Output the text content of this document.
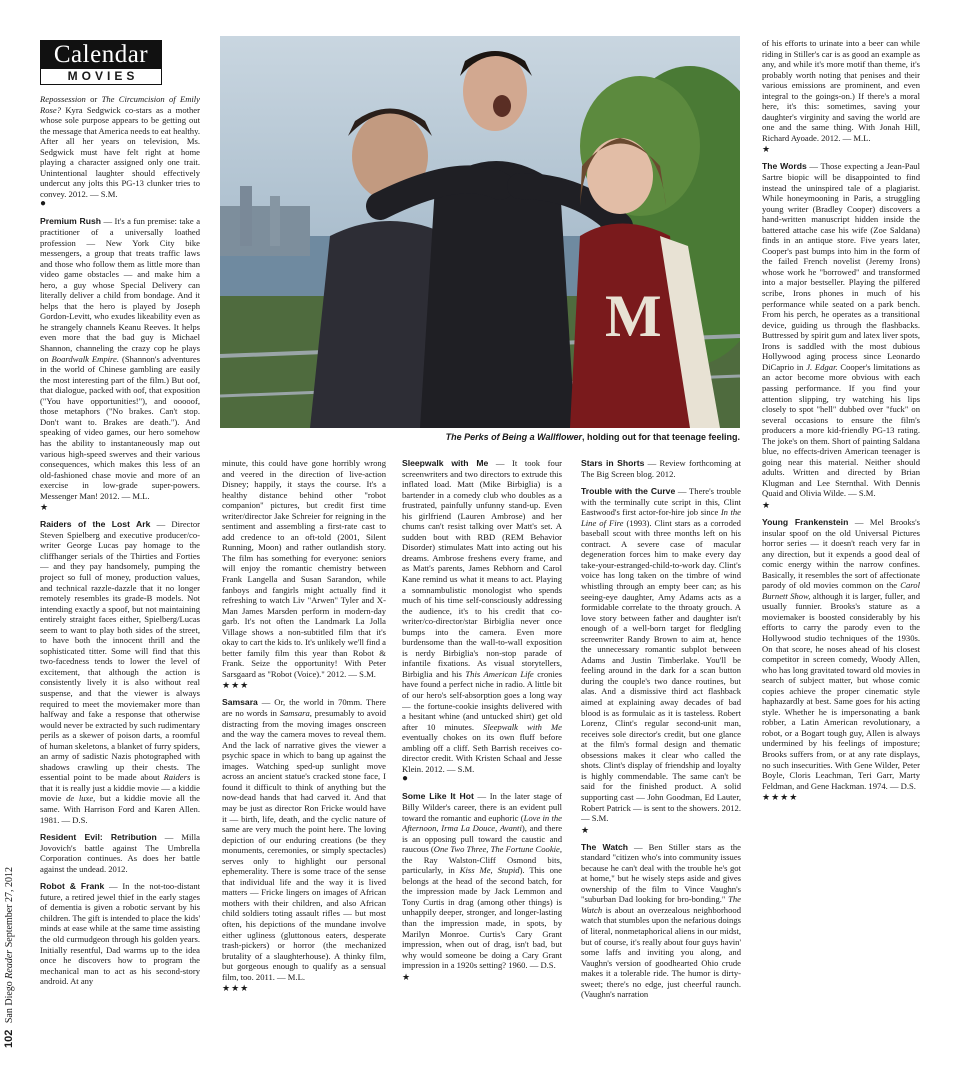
Calendar
MOVIES

Repossession or The Circumcision of Emily Rose? Kyra Sedgwick co-stars as a mother whose sole purpose appears to be getting out the message that America needs to eat healthy. After all her years on television, Ms. Sedgwick must have felt right at home playing a character assigned only one trait. Unintentional laughter should effectively undercut any jolts this PG-13 clunker tries to convey. 2012. — S.M.

●

Premium Rush — It's a fun premise: take a practitioner of a universally loathed profession — New York City bike messengers, a group that treats traffic laws and those who follow them as little more than video game obstacles — and make him a hero, a guy whose Special Delivery can literally deliver a child from bondage. And it helps that the hero is played by Joseph Gordon-Levitt, who exudes likeability even as he strangely channels Keanu Reeves. It helps even more that the bad guy is Michael Shannon, channeling the crazy cop he plays on Boardwalk Empire. (Shannon's adventures in the world of Chinese gambling are easily the most interesting part of the film.) But oof, that dialogue, packed with oof, that exposition ("You have opportunities!"), and ooooof, those metaphors ("No brakes. Can't stop. Don't want to. Brakes are death."). And speaking of video games, our hero somehow has the ability to instantaneously map out various high-speed swerves and their various consequences, which makes this less of an old-fashioned chase movie and more of an exercise in low-grade super-powers. Messenger Man! 2012. — M.L.

★

Raiders of the Lost Ark — Director Steven Spielberg and executive producer/co-writer George Lucas pay homage to the cliffhanger serials of the Thirties and Forties — and they pay handsomely, pumping the project so full of money, production values, and technical razzle-dazzle that it no longer remotely resembles its grade-B models. Not intending exactly a spoof, but not maintaining entirely straight faces either, Spielberg/Lucas seem to want to play both sides of the street, to have both the innocent thrill and the sophisticated titter. Some will find that this two-facedness tends to lower the level of excitement, that although the action is consistently lively it is also without real suspense, and that the viewer is always required to meet the moviemaker more than halfway and fake a response that otherwise would never be extracted by such rudimentary perils as a skewer of poison darts, a roomful of human skeletons, a blanket of furry spiders, an army of sadistic Nazis photographed with shadows crawling up their chests. The essential point to be made about Raiders is that it is really just a kiddie movie — a kiddie movie de luxe, but a kiddie movie all the same. With Harrison Ford and Karen Allen. 1981. — D.S.

Resident Evil: Retribution — Milla Jovovich's battle against The Umbrella Corporation continues. As does her battle against the undead. 2012.

Robot & Frank — In the not-too-distant future, a retired jewel thief in the early stages of dementia is given a robotic servant by his children. The gift is intended to place the kids' minds at ease while at the same time assisting the old curmudgeon through his golden years. Initially resentful, Dad warms up to the idea once he discovers how to program the mechanical man to act as his second-story android. At any

102 San Diego Reader September 27, 2012
M
The Perks of Being a Wallflower, holding out for that teenage feeling.

minute, this could have gone horribly wrong and veered in the direction of live-action Disney; happily, it stays the course. It's a healthy distance behind other "robot companion" pictures, but credit first time writer/director Jake Schreier for reigning in the sentiment and assembling a first-rate cast to add credence to an oft-told (2001, Silent Running, Moon) and rather outlandish story. The film has something for everyone: seniors will enjoy the romantic chemistry between Frank Langella and Susan Sarandon, while fanboys and fangirls might actually find it refreshing to watch Liv "Arwen" Tyler and X-Man James Marsden perform in modern-day garb. It's not often the Landmark La Jolla Village shows a non-subtitled film that it's okay to cart the kids to. It's unlikely we'll find a better family film this year than Robot & Frank. Seize the opportunity! With Peter Sarsgaard as "Robot (Voice)." 2012. — S.M.

★★★

Samsara — Or, the world in 70mm. There are no words in Samsara, presumably to avoid distracting from the moving images onscreen and the way the camera moves to reveal them. And the lack of narrative gives the viewer a psychic space in which to bang up against the images. Watching sped-up sunlight move across an ancient statue's cracked stone face, I found it difficult to think of anything but the now-dead hands that had carved it. And that may be just as director Ron Fricke would have it — birth, life, death, and the cyclic nature of same are very much the point here. The loving depiction of our enduring creations (be they monuments, ceremonies, or simply spectacles) serves only to highlight our personal ephemerality. There is some trace of the sense that individual life and the way it is lived matters — Fricke lingers on images of African mothers with their children, and also African child soldiers toting assault rifles — but most often, his depictions of the mundane involve either ugliness (gluttonous eaters, desperate trash-pickers) or horror (the mechanized brutality of a slaughterhouse). A thinky film, but gorgeous enough to qualify as a sensual film, too. 2011. — M.L.

★★★

Sleepwalk with Me — It took four screenwriters and two directors to extrude this inflated load. Matt (Mike Birbiglia) is a bartender in a comedy club who doubles as a frustrated, painfully unfunny stand-up. Even his girlfriend (Lauren Ambrose) and her chums can't resist talking over Matt's set. A sudden bout with RBD (REM Behavior Disorder) stimulates Matt into acting out his dreams. Ambrose freshens every frame, and as Matt's parents, James Rebhorn and Carol Kane remind us what it means to act. Playing a somnambulistic monologist who spends much of his time self-consciously addressing the audience, it's to his credit that co-writer/co-director/star Birbiglia never once bumps into the camera. Even more burdensome than the wall-to-wall exposition is nerdy Birbiglia's non-stop parade of infantile fixations. As visual storytellers, Birbiglia and his This American Life cronies have found a perfect niche in radio. A little bit of our hero's self-absorption goes a long way — the fortune-cookie insights delivered with a hesitant whine (and untucked shirt) get old after 10 minutes. Sleepwalk with Me eventually chokes on its own fluff before ambling off a cliff. Seth Barrish receives co-director credit. With Kristen Schaal and Jesse Klein. 2012. — S.M.

●

Some Like It Hot — In the later stage of Billy Wilder's career, there is an evident pull toward the romantic and euphoric (Love in the Afternoon, Irma La Douce, Avanti), and there is an opposing pull toward the caustic and raucous (One Two Three, The Fortune Cookie, the Ray Walston-Cliff Osmond bits, particularly, in Kiss Me, Stupid). This one belongs at the head of the second batch, for the impression made by Jack Lemmon and Tony Curtis in drag (among other things) is unhappily deeper, stronger, and longer-lasting than the impression made, in spots, by Marilyn Monroe. Curtis's Cary Grant impression, when out of drag, isn't bad, but why would someone be doing a Cary Grant impression in a 1920s setting? 1960. — D.S.

★

Stars in Shorts — Review forthcoming at The Big Screen blog. 2012.

Trouble with the Curve — There's trouble with the terminally cute script in this, Clint Eastwood's first actor-for-hire job since In the Line of Fire (1993). Clint stars as a corroded baseball scout with three months left on his contract. A severe case of macular degeneration forces him to make every day take-your-estranged-child-to-work day. Clint's voice has long taken on the timbre of wind whistling through an empty beer can; as his seeing-eye daughter, Amy Adams acts as a formidable correlate to the throaty grouch. A love story between father and daughter isn't enough of a well-born target for fledgling screenwriter Randy Brown to aim at, hence the unnecessary romantic subplot between Adams and Justin Timberlake. You'll be feeling around in the dark for a scan button during the couple's two dance routines, but alas. And a dismissive third act flashback aimed at explaining away decades of bad blood is as formulaic as it is tasteless. Robert Lorenz, Clint's regular second-unit man, receives sole director's credit, but one glance at the film's formal design and thematic obsessions makes it clear who called the shots. Clint's display of friendship and loyalty is highly commendable. The same can't be said for the finished product. A solid supporting cast — John Goodman, Ed Lauter, Robert Patrick — is sent to the showers. 2012. — S.M.

★

The Watch — Ben Stiller stars as the standard "citizen who's into community issues because he can't deal with the trouble he's got at home," but he wisely steps aside and gives ownership of the film to Vince Vaughn's "suburban Dad looking for bro-bonding." The Watch is about an overzealous neighborhood watch that stumbles upon the nefarious doings of literal, nonmetaphorical aliens in our midst, but of course, it's really about four guys havin' some laffs and inviting you along, and Vaughn's version of goodhearted Ohio crude makes it a tolerable ride. The humor is dirty-sweet; there's no edge, just cheerful raunch. (Vaughn's narration

of his efforts to urinate into a beer can while riding in Stiller's car is as good an example as any, and while it's more motif than theme, it's probably worth noting that penises and their various emissions are prominent, and even integral to the goings-on.) If there's a moral here, it's this: sometimes, saving your daughter's virginity and saving the world are one and the same thing. With Jonah Hill, Richard Ayoade. 2012. — M.L.

★

The Words — Those expecting a Jean-Paul Sartre biopic will be disappointed to find instead the uninspired tale of a plagiarist. While honeymooning in Paris, a struggling young writer (Bradley Cooper) discovers a hand-written manuscript hidden inside the battered attache case his wife (Zoe Saldana) finds in an antique store. Five years later, Cooper's past bumps into him in the form of the failed French novelist (Jeremy Irons) whose work he "borrowed" and transformed into a major bestseller. Playing the pilfered scribe, Irons phones in much of his performance while seated on a park bench. From his perch, he operates as a transitional device, guiding us through the flashbacks. Buttressed by spirit gum and latex liver spots, Irons is saddled with the most dubious Hollywood aging process since Leonardo DiCaprio in J. Edgar. Cooper's limitations as an actor become more obvious with each passing performance. If you find your attention slipping, try watching his lips closely to spot "hell" dubbed over "fuck" on several occasions to ensure the film's producers a more kid-friendly PG-13 rating. The joke's on them. Short of painting Saldana blue, no effects-driven American teenager is going near this material. Neither should adults. Written and directed by Brian Klugman and Lee Sternthal. With Dennis Quaid and Olivia Wilde. — S.M.

★

Young Frankenstein — Mel Brooks's insular spoof on the old Universal Pictures horror series — it doesn't reach very far in any direction, but it expends a good deal of comic energy within the narrow confines. Basically, it resembles the sort of affectionate parody of old movies common on the Carol Burnett Show, although it is larger, fuller, and usually funnier. Brooks's stature as a moviemaker is boosted considerably by his efforts to carry the parody even to the Hollywood studio techniques of the 1930s. On that score, he noses ahead of his closest competitor in screen comedy, Woody Allen, who has long gravitated toward old movies in search of subject matter, but whose comic copies achieve the proper cinematic style haphazardly at best. Same goes for his acting style. Whether he is impersonating a bank robber, a Latin American revolutionary, a robot, or a Bogart tough guy, Allen is always undermined by his feelings of imposture; Brooks suffers from, or at any rate displays, no such insecurities. With Gene Wilder, Peter Boyle, Cloris Leachman, Teri Garr, Marty Feldman, and Gene Hackman. 1974. — D.S.

★★★★
